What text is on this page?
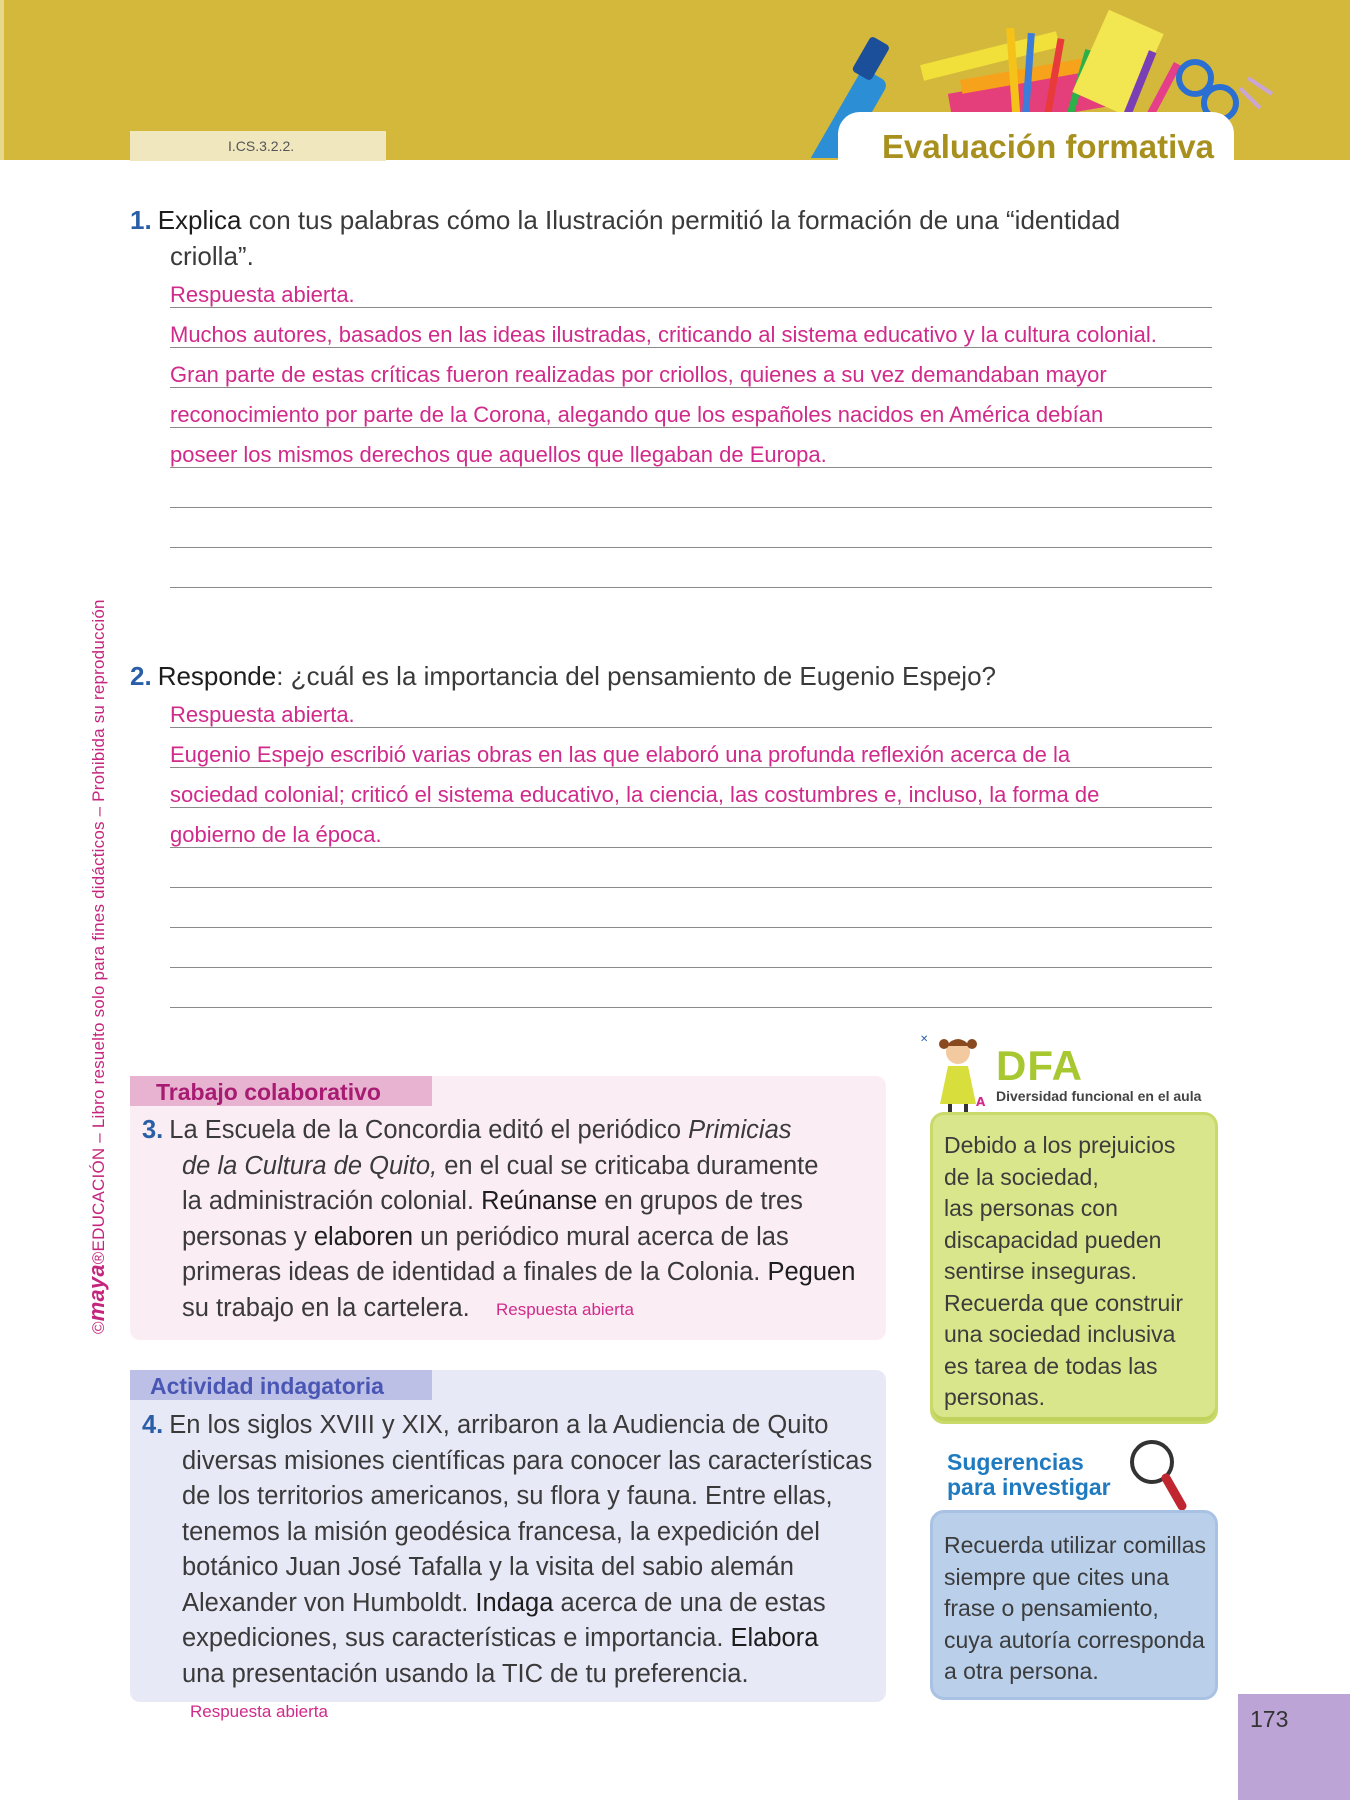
I.CS.3.2.2.	Evaluación formativa
©maya®EDUCACIÓN – Libro resuelto solo para fines didácticos – Prohibida su reproducción
1. Explica con tus palabras cómo la Ilustración permitió la formación de una “identidad
criolla”.
Respuesta abierta.
Muchos autores, basados en las ideas ilustradas, criticando al sistema educativo y la cultura colonial.
Gran parte de estas críticas fueron realizadas por criollos, quienes a su vez demandaban mayor
reconocimiento por parte de la Corona, alegando que los españoles nacidos en América debían
poseer los mismos derechos que aquellos que llegaban de Europa.
2. Responde: ¿cuál es la importancia del pensamiento de Eugenio Espejo?
Respuesta abierta.
Eugenio Espejo escribió varias obras en las que elaboró una profunda reflexión acerca de la
sociedad colonial; criticó el sistema educativo, la ciencia, las costumbres e, incluso, la forma de
gobierno de la época.
Trabajo colaborativo
3. La Escuela de la Concordia editó el periódico Primicias
de la Cultura de Quito, en el cual se criticaba duramente
la administración colonial. Reúnanse en grupos de tres
personas y elaboren un periódico mural acerca de las
primeras ideas de identidad a finales de la Colonia. Peguen
su trabajo en la cartelera.	Respuesta abierta
Actividad indagatoria
4. En los siglos XVIII y XIX, arribaron a la Audiencia de Quito
diversas misiones científicas para conocer las características
de los territorios americanos, su flora y fauna. Entre ellas,
tenemos la misión geodésica francesa, la expedición del
botánico Juan José Tafalla y la visita del sabio alemán
Alexander von Humboldt. Indaga acerca de una de estas
expediciones, sus características e importancia. Elabora
una presentación usando la TIC de tu preferencia.
Respuesta abierta
✕
A
DFA
Diversidad funcional en el aula
Debido a los prejuicios
de la sociedad,
las personas con
discapacidad pueden
sentirse inseguras.
Recuerda que construir
una sociedad inclusiva
es tarea de todas las
personas.
Sugerencias
para investigar
Recuerda utilizar comillas
siempre que cites una
frase o pensamiento,
cuya autoría corresponda
a otra persona.
173
